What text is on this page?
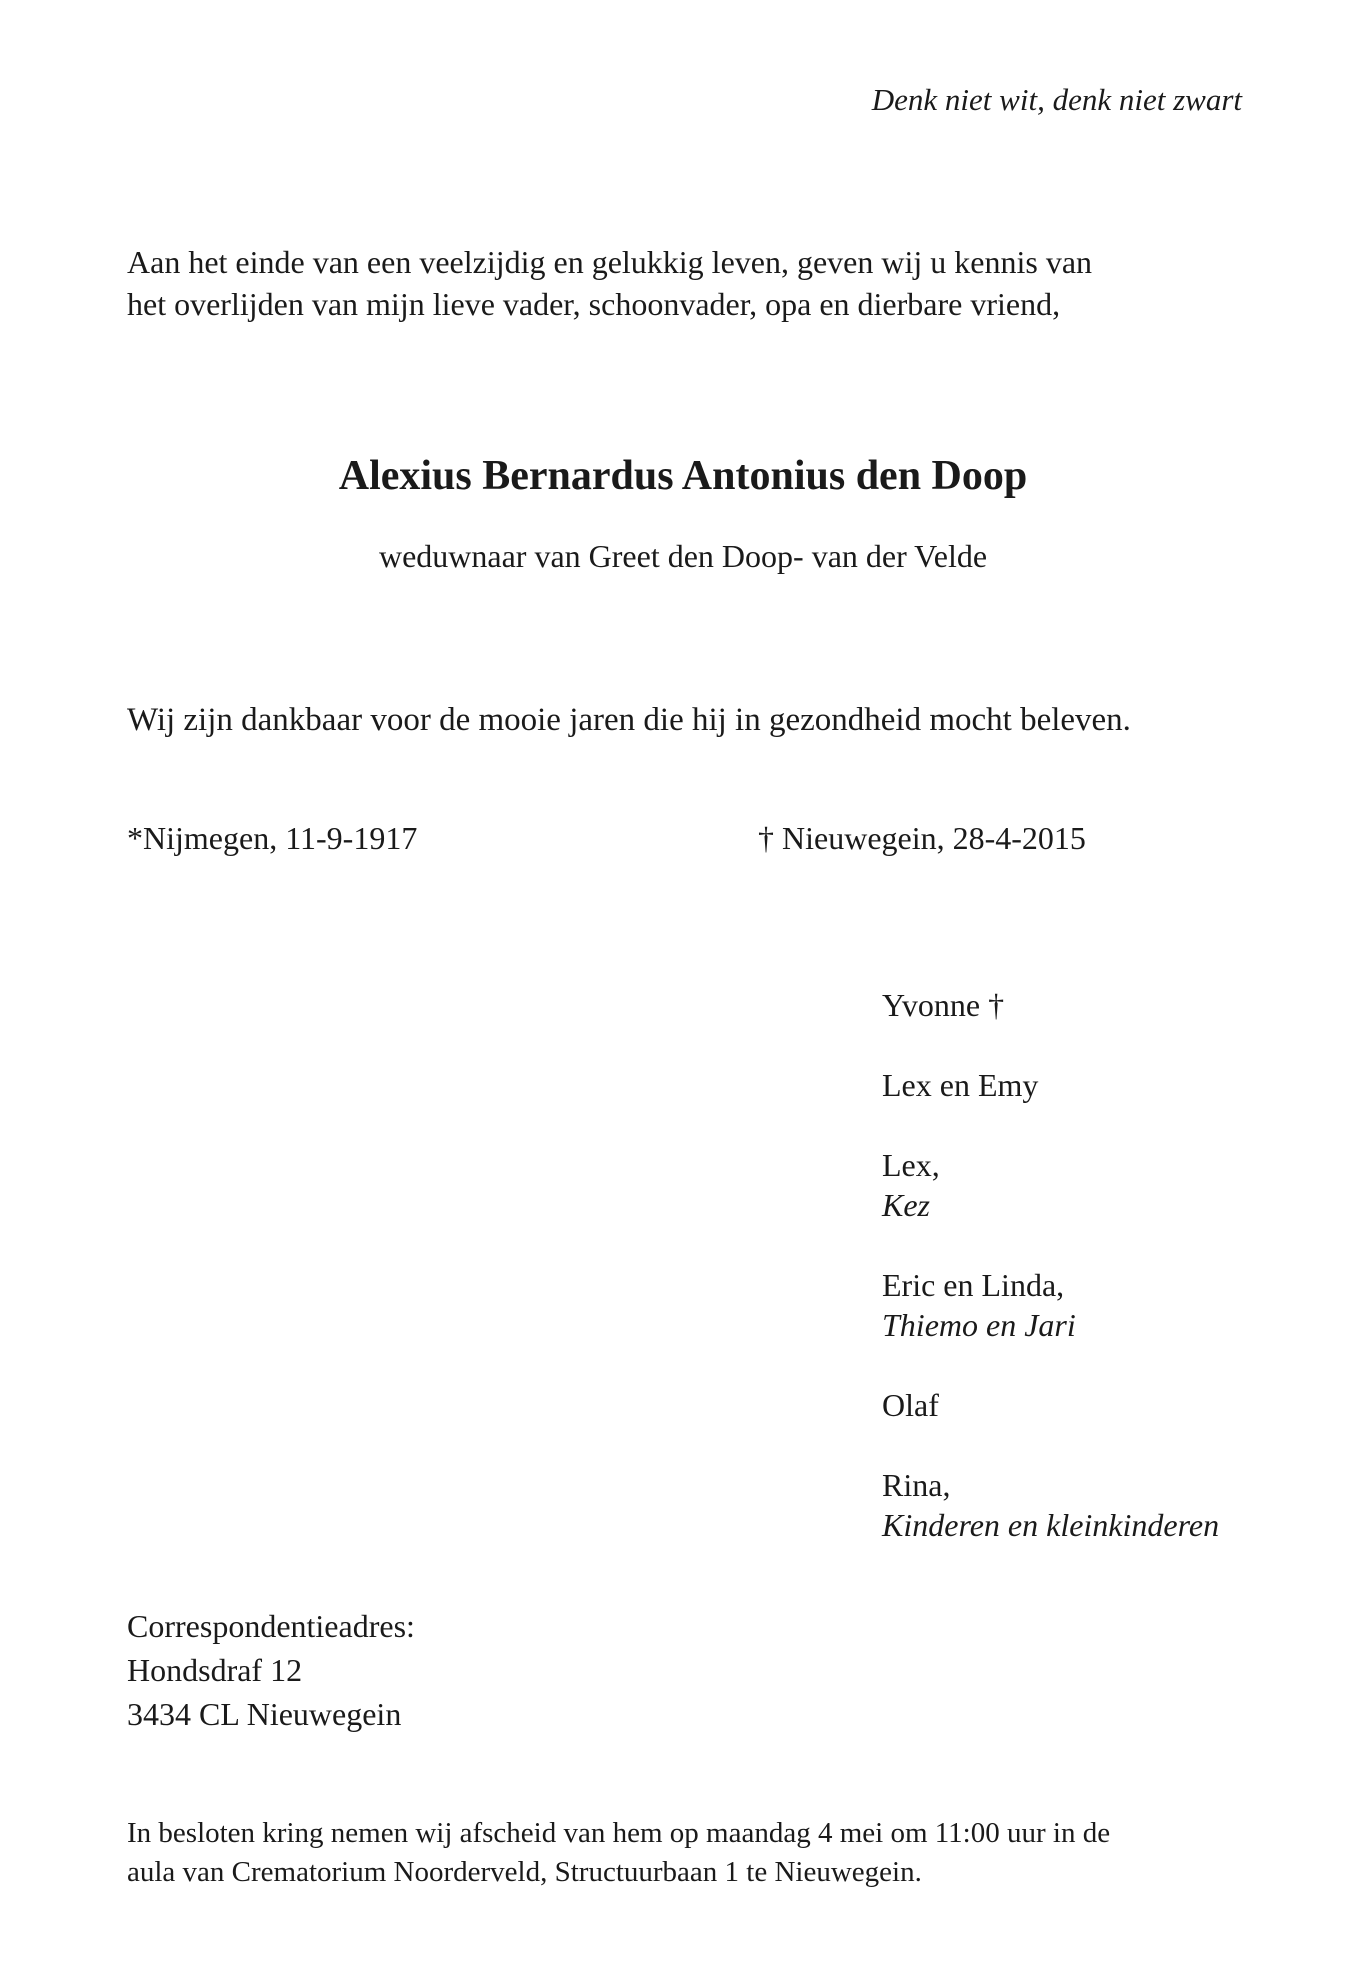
Denk niet wit, denk niet zwart
Aan het einde van een veelzijdig en gelukkig leven, geven wij u kennis van
het overlijden van mijn lieve vader, schoonvader, opa en dierbare vriend,
Alexius Bernardus Antonius den Doop
weduwnaar van Greet den Doop- van der Velde
Wij zijn dankbaar voor de mooie jaren die hij in gezondheid mocht beleven.
*Nijmegen, 11-9-1917	† Nieuwegein, 28-4-2015
Yvonne †
Lex en Emy
Lex,
Kez
Eric en Linda,
Thiemo en Jari
Olaf
Rina,
Kinderen en kleinkinderen
Correspondentieadres:
Hondsdraf 12
3434 CL Nieuwegein
In besloten kring nemen wij afscheid van hem op maandag 4 mei om 11:00 uur in de
aula van Crematorium Noorderveld, Structuurbaan 1 te Nieuwegein.
